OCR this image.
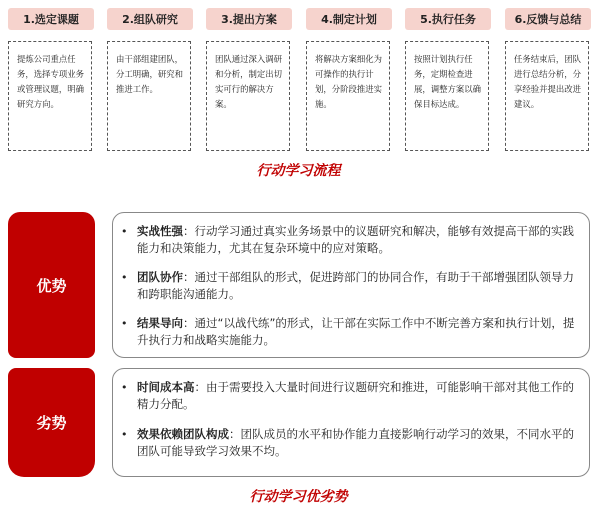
1.选定课题
提炼公司重点任务，选择专项业务或管理议题，明确研究方向。
2.组队研究
由干部组建团队，分工明确，研究和推进工作。
3.提出方案
团队通过深入调研和分析，制定出切实可行的解决方案。
4.制定计划
将解决方案细化为可操作的执行计划，分阶段推进实施。
5.执行任务
按照计划执行任务，定期检查进展，调整方案以确保目标达成。
6.反馈与总结
任务结束后，团队进行总结分析，分享经验并提出改进建议。
行动学习流程
优势
• 实战性强：行动学习通过真实业务场景中的议题研究和解决，能够有效提高干部的实践能力和决策能力，尤其在复杂环境中的应对策略。
• 团队协作：通过干部组队的形式，促进跨部门的协同合作，有助于干部增强团队领导力和跨职能沟通能力。
• 结果导向：通过“以战代练”的形式，让干部在实际工作中不断完善方案和执行计划，提升执行力和战略实施能力。
劣势
• 时间成本高：由于需要投入大量时间进行议题研究和推进，可能影响干部对其他工作的精力分配。
• 效果依赖团队构成：团队成员的水平和协作能力直接影响行动学习的效果，不同水平的团队可能导致学习效果不均。
行动学习优劣势
